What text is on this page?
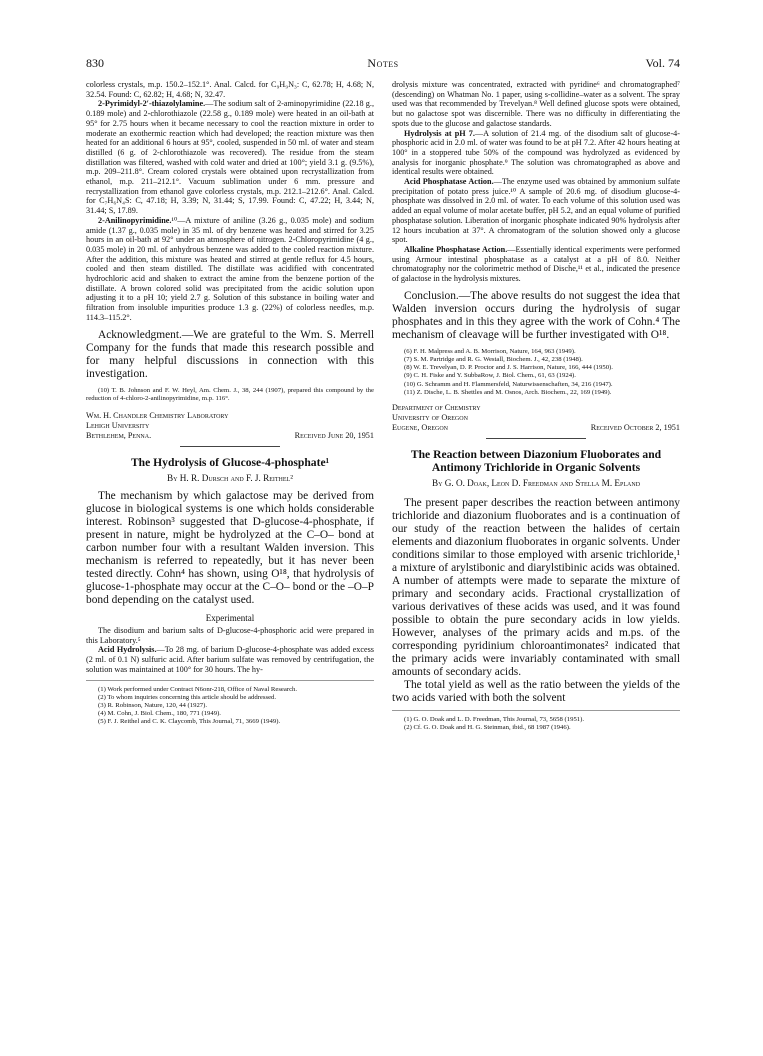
830	Notes	Vol. 74

colorless crystals, m.p. 150.2–152.1°. Anal. Calcd. for C₉H₉N₃: C, 62.78; H, 4.68; N, 32.54. Found: C, 62.82; H, 4.68; N, 32.47.

2-Pyrimidyl-2′-thiazolylamine.—The sodium salt of 2-aminopyrimidine (22.18 g., 0.189 mole) and 2-chlorothiazole (22.58 g., 0.189 mole) were heated in an oil-bath at 95° for 2.75 hours when it became necessary to cool the reaction mixture in order to moderate an exothermic reaction which had developed; the reaction mixture was then heated for an additional 6 hours at 95°, cooled, suspended in 50 ml. of water and steam distilled (6 g. of 2-chlorothiazole was recovered). The residue from the steam distillation was filtered, washed with cold water and dried at 100°; yield 3.1 g. (9.5%), m.p. 209–211.8°. Cream colored crystals were obtained upon recrystallization from ethanol, m.p. 211–212.1°. Vacuum sublimation under 6 mm. pressure and recrystallization from ethanol gave colorless crystals, m.p. 212.1–212.6°. Anal. Calcd. for C₇H₆N₄S: C, 47.18; H, 3.39; N, 31.44; S, 17.99. Found: C, 47.22; H, 3.44; N, 31.44; S, 17.89.

2-Anilinopyrimidine.¹⁰—A mixture of aniline (3.26 g., 0.035 mole) and sodium amide (1.37 g., 0.035 mole) in 35 ml. of dry benzene was heated and stirred for 3.25 hours in an oil-bath at 92° under an atmosphere of nitrogen. 2-Chloropyrimidine (4 g., 0.035 mole) in 20 ml. of anhydrous benzene was added to the cooled reaction mixture. After the addition, this mixture was heated and stirred at gentle reflux for 4.5 hours, cooled and then steam distilled. The distillate was acidified with concentrated hydrochloric acid and shaken to extract the amine from the benzene portion of the distillate. A brown colored solid was precipitated from the acidic solution upon adjusting it to a pH 10; yield 2.7 g. Solution of this substance in boiling water and filtration from insoluble impurities produce 1.3 g. (22%) of colorless needles, m.p. 114.3–115.2°.

Acknowledgment.—We are grateful to the Wm. S. Merrell Company for the funds that made this research possible and for many helpful discussions in connection with this investigation.

(10) T. B. Johnson and F. W. Heyl, Am. Chem. J., 38, 244 (1907), prepared this compound by the reduction of 4-chloro-2-anilinopyrimidine, m.p. 116°.

Wm. H. Chandler Chemistry Laboratory

Lehigh University

Bethlehem, Penna.	Received June 20, 1951

The Hydrolysis of Glucose-4-phosphate¹

By H. R. Dursch and F. J. Reithel²

The mechanism by which galactose may be derived from glucose in biological systems is one which holds considerable interest. Robinson³ suggested that D-glucose-4-phosphate, if present in nature, might be hydrolyzed at the C–O– bond at carbon number four with a resultant Walden inversion. This mechanism is referred to repeatedly, but it has never been tested directly. Cohn⁴ has shown, using O¹⁸, that hydrolysis of glucose-1-phosphate may occur at the C–O– bond or the –O–P bond depending on the catalyst used.

Experimental

The disodium and barium salts of D-glucose-4-phosphoric acid were prepared in this Laboratory.⁵

Acid Hydrolysis.—To 28 mg. of barium D-glucose-4-phosphate was added excess (2 ml. of 0.1 N) sulfuric acid. After barium sulfate was removed by centrifugation, the solution was maintained at 100° for 30 hours. The hy-

(1) Work performed under Contract N6onr-218, Office of Naval Research.

(2) To whom inquiries concerning this article should be addressed.

(3) R. Robinson, Nature, 120, 44 (1927).

(4) M. Cohn, J. Biol. Chem., 180, 771 (1949).

(5) F. J. Reithel and C. K. Claycomb, This Journal, 71, 3669 (1949).

drolysis mixture was concentrated, extracted with pyridine⁶ and chromatographed⁷ (descending) on Whatman No. 1 paper, using s-collidine–water as a solvent. The spray used was that recommended by Trevelyan.⁸ Well defined glucose spots were obtained, but no galactose spot was discernible. There was no difficulty in differentiating the spots due to the glucose and galactose standards.

Hydrolysis at pH 7.—A solution of 21.4 mg. of the disodium salt of glucose-4-phosphoric acid in 2.0 ml. of water was found to be at pH 7.2. After 42 hours heating at 100° in a stoppered tube 50% of the compound was hydrolyzed as evidenced by analysis for inorganic phosphate.⁹ The solution was chromatographed as above and identical results were obtained.

Acid Phosphatase Action.—The enzyme used was obtained by ammonium sulfate precipitation of potato press juice.¹⁰ A sample of 20.6 mg. of disodium glucose-4-phosphate was dissolved in 2.0 ml. of water. To each volume of this solution used was added an equal volume of molar acetate buffer, pH 5.2, and an equal volume of purified phosphatase solution. Liberation of inorganic phosphate indicated 90% hydrolysis after 12 hours incubation at 37°. A chromatogram of the solution showed only a glucose spot.

Alkaline Phosphatase Action.—Essentially identical experiments were performed using Armour intestinal phosphatase as a catalyst at a pH of 8.0. Neither chromatography nor the colorimetric method of Dische,¹¹ et al., indicated the presence of galactose in the hydrolysis mixtures.

Conclusion.—The above results do not suggest the idea that Walden inversion occurs during the hydrolysis of sugar phosphates and in this they agree with the work of Cohn.⁴ The mechanism of cleavage will be further investigated with O¹⁸.

(6) F. H. Malpress and A. B. Morrison, Nature, 164, 963 (1949).

(7) S. M. Partridge and R. G. Westall, Biochem. J., 42, 238 (1948).

(8) W. E. Trevelyan, D. P. Proctor and J. S. Harrison, Nature, 166, 444 (1950).

(9) C. H. Fiske and Y. SubbaRow, J. Biol. Chem., 61, 63 (1924).

(10) G. Schramm and H. Flammersfeld, Naturwissenschaften, 34, 216 (1947).

(11) Z. Dische, L. B. Shettles and M. Osnos, Arch. Biochem., 22, 169 (1949).

Department of Chemistry

University of Oregon

Eugene, Oregon	Received October 2, 1951

The Reaction between Diazonium Fluoborates and Antimony Trichloride in Organic Solvents

By G. O. Doak, Leon D. Freedman and Stella M. Epland

The present paper describes the reaction between antimony trichloride and diazonium fluoborates and is a continuation of our study of the reaction between the halides of certain elements and diazonium fluoborates in organic solvents. Under conditions similar to those employed with arsenic trichloride,¹ a mixture of arylstibonic and diarylstibinic acids was obtained. A number of attempts were made to separate the mixture of primary and secondary acids. Fractional crystallization of various derivatives of these acids was used, and it was found possible to obtain the pure secondary acids in low yields. However, analyses of the primary acids and m.ps. of the corresponding pyridinium chloroantimonates² indicated that the primary acids were invariably contaminated with small amounts of secondary acids.

The total yield as well as the ratio between the yields of the two acids varied with both the solvent

(1) G. O. Doak and L. D. Freedman, This Journal, 73, 5658 (1951).

(2) Cf. G. O. Doak and H. G. Steinman, ibid., 68 1987 (1946).
